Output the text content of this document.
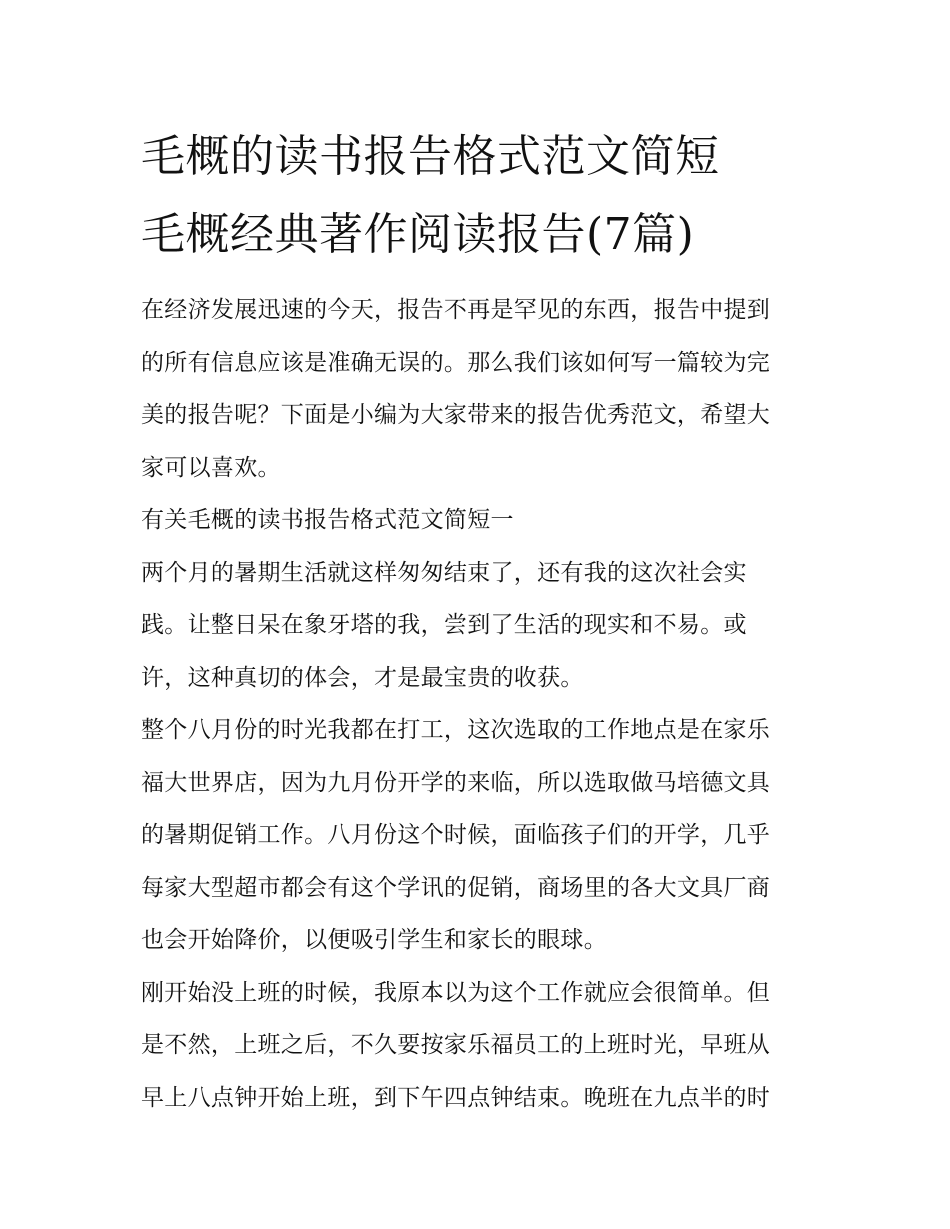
毛概的读书报告格式范文简短
毛概经典著作阅读报告(7篇)

在经济发展迅速的今天，报告不再是罕见的东西，报告中提到
的所有信息应该是准确无误的。那么我们该如何写一篇较为完
美的报告呢？下面是小编为大家带来的报告优秀范文，希望大
家可以喜欢。

有关毛概的读书报告格式范文简短一

两个月的暑期生活就这样匆匆结束了，还有我的这次社会实
践。让整日呆在象牙塔的我，尝到了生活的现实和不易。或
许，这种真切的体会，才是最宝贵的收获。

整个八月份的时光我都在打工，这次选取的工作地点是在家乐
福大世界店，因为九月份开学的来临，所以选取做马培德文具
的暑期促销工作。八月份这个时候，面临孩子们的开学，几乎
每家大型超市都会有这个学讯的促销，商场里的各大文具厂商
也会开始降价，以便吸引学生和家长的眼球。

刚开始没上班的时候，我原本以为这个工作就应会很简单。但
是不然，上班之后，不久要按家乐福员工的上班时光，早班从
早上八点钟开始上班，到下午四点钟结束。晚班在九点半的时
